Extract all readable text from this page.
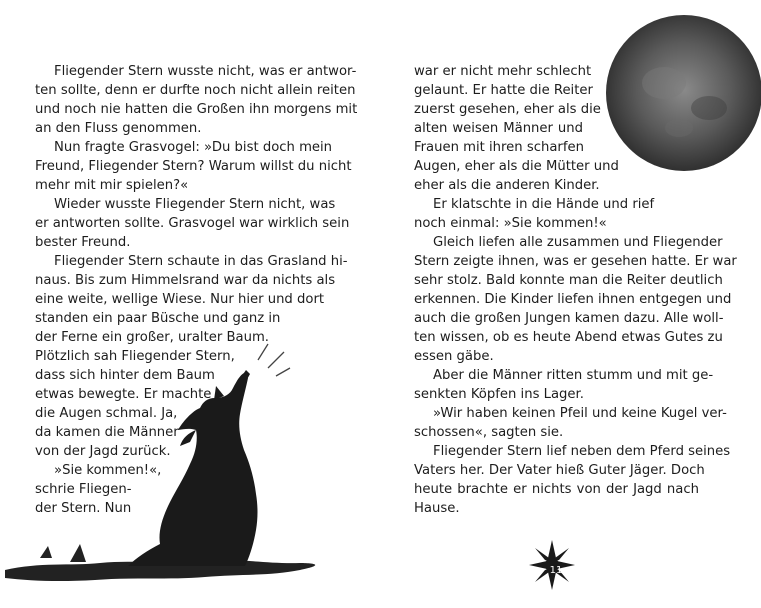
Fliegender Stern wusste nicht, was er antwor-

ten sollte, denn er durfte noch nicht allein reiten

und noch nie hatten die Großen ihn morgens mit

an den Fluss genommen.

Nun fragte Grasvogel: »Du bist doch mein

Freund, Fliegender Stern? Warum willst du nicht

mehr mit mir spielen?«

Wieder wusste Fliegender Stern nicht, was

er antworten sollte. Grasvogel war wirklich sein

bester Freund.

Fliegender Stern schaute in das Grasland hi-

naus. Bis zum Himmelsrand war da nichts als

eine weite, wellige Wiese. Nur hier und dort

standen ein paar Büsche und ganz in

der Ferne ein großer, uralter Baum.

Plötzlich sah Fliegender Stern,

dass sich hinter dem Baum

etwas bewegte. Er machte

die Augen schmal. Ja,

da kamen die Männer

von der Jagd zurück.

»Sie kommen!«,

schrie Fliegen-

der Stern. Nun

war er nicht mehr schlecht

gelaunt. Er hatte die Reiter

zuerst gesehen, eher als die

alten weisen Männer und

Frauen mit ihren scharfen

Augen, eher als die Mütter und

eher als die anderen Kinder.

Er klatschte in die Hände und rief

noch einmal: »Sie kommen!«

Gleich liefen alle zusammen und Fliegender

Stern zeigte ihnen, was er gesehen hatte. Er war

sehr stolz. Bald konnte man die Reiter deutlich

erkennen. Die Kinder liefen ihnen entgegen und

auch die großen Jungen kamen dazu. Alle woll-

ten wissen, ob es heute Abend etwas Gutes zu

essen gäbe.

Aber die Männer ritten stumm und mit ge-

senkten Köpfen ins Lager.

»Wir haben keinen Pfeil und keine Kugel ver-

schossen«, sagten sie.

Fliegender Stern lief neben dem Pferd seines

Vaters her. Der Vater hieß Guter Jäger. Doch

heute brachte er nichts von der Jagd nach

Hause.

11
